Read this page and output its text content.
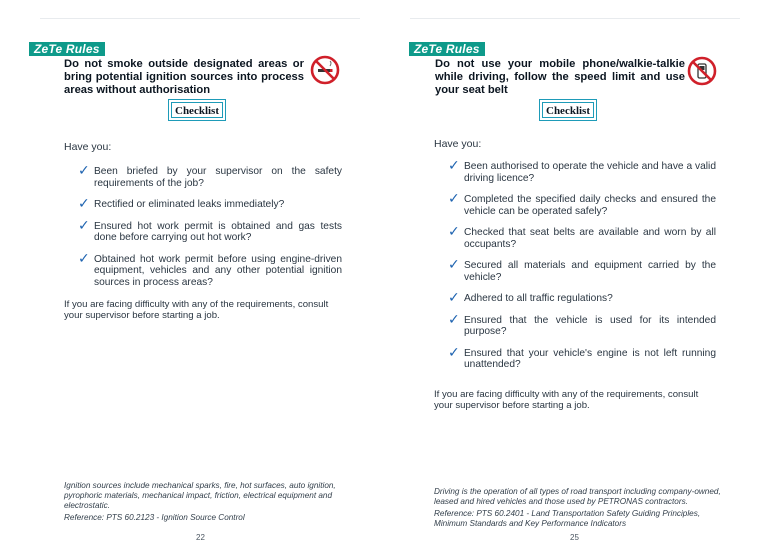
ZeTe Rules
Do not smoke outside designated areas or bring potential ignition sources into process areas without authorisation
Checklist
Have you:
✓ Been briefed by your supervisor on the safety requirements of the job?
✓ Rectified or eliminated leaks immediately?
✓ Ensured hot work permit is obtained and gas tests done before carrying out hot work?
✓ Obtained hot work permit before using engine-driven equipment, vehicles and any other potential ignition sources in process areas?
If you are facing difficulty with any of the requirements, consult your supervisor before starting a job.
Ignition sources include mechanical sparks, fire, hot surfaces, auto ignition, pyrophoric materials, mechanical impact, friction, electrical equipment and electrostatic.
Reference: PTS 60.2123 - Ignition Source Control
22
ZeTe Rules
Do not use your mobile phone/walkie-talkie while driving, follow the speed limit and use your seat belt
Checklist
Have you:
✓ Been authorised to operate the vehicle and have a valid driving licence?
✓ Completed the specified daily checks and ensured the vehicle can be operated safely?
✓ Checked that seat belts are available and worn by all occupants?
✓ Secured all materials and equipment carried by the vehicle?
✓ Adhered to all traffic regulations?
✓ Ensured that the vehicle is used for its intended purpose?
✓ Ensured that your vehicle's engine is not left running unattended?
If you are facing difficulty with any of the requirements, consult your supervisor before starting a job.
Driving is the operation of all types of road transport including company-owned, leased and hired vehicles and those used by PETRONAS contractors.
Reference: PTS 60.2401 - Land Transportation Safety Guiding Principles, Minimum Standards and Key Performance Indicators
25
